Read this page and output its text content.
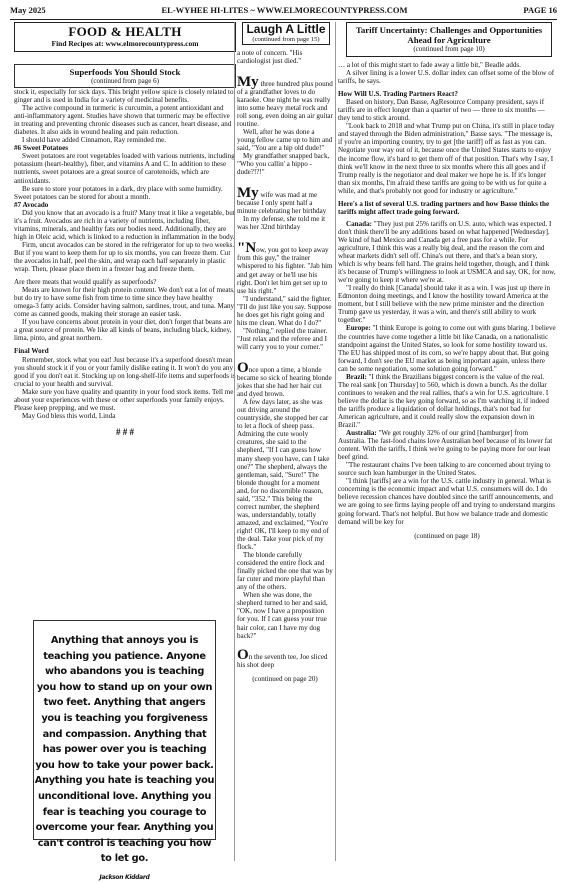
May 2025	EL-WYHEE HI-LITES ~ WWW.ELMORECOUNTYPRESS.COM	PAGE 16
FOOD & HEALTH
Find Recipes at: www.elmorecountypress.com
Superfoods You Should Stock
(continued from page 6)

stock it, especially for sick days. This bright yellow spice is closely related to ginger and is used in India for a variety of medicinal benefits.

The active compound in turmeric is curcumin, a potent antioxidant and anti-inflammatory agent. Studies have shown that turmeric may be effective in treating and preventing chronic diseases such as cancer, heart disease, and diabetes. It also aids in wound healing and pain reduction.

I should have added Cinnamon, Ray reminded me.

#6 Sweet Potatoes

Sweet potatoes are root vegetables loaded with various nutrients, including potassium (heart-healthy), fiber, and vitamins A and C. In addition to these nutrients, sweet potatoes are a great source of carotenoids, which are antioxidants.

Be sure to store your potatoes in a dark, dry place with some humidity. Sweet potatoes can be stored for about a month.

#7 Avocado

Did you know that an avocado is a fruit? Many treat it like a vegetable, but it's a fruit. Avocados are rich in a variety of nutrients, including fiber, vitamins, minerals, and healthy fats our bodies need. Additionally, they are high in Oleic acid, which is linked to a reduction in inflammation in the body.

Firm, uncut avocados can be stored in the refrigerator for up to two weeks. But if you want to keep them for up to six months, you can freeze them. Cut the avocados in half, peel the skin, and wrap each half separately in plastic wrap. Then, please place them in a freezer bag and freeze them.

Are there meats that would qualify as superfoods?

Meats are known for their high protein content. We don't eat a lot of meats, but do try to have some fish from time to time since they have healthy omega-3 fatty acids. Consider having salmon, sardines, trout, and tuna. Many come as canned goods, making their storage an easier task.

If you have concerns about protein in your diet, don't forget that beans are a great source of protein. We like all kinds of beans, including black, kidney, lima, pinto, and great northern.

Final Word

Remember, stock what you eat! Just because it's a superfood doesn't mean you should stock it if you or your family dislike eating it. It won't do you any good if you don't eat it. Stocking up on long-shelf-life items and superfoods is crucial to your health and survival.

Make sure you have quality and quantity in your food stock items. Tell me about your experiences with these or other superfoods your family enjoys. Please keep prepping, and we must.

May God bless this world, Linda

# # #

Anything that annoys you is teaching you patience. Anyone who abandons you is teaching you how to stand up on your own two feet. Anything that angers you is teaching you forgiveness and compassion. Anything that has power over you is teaching you how to take your power back. Anything you hate is teaching you unconditional love. Anything you fear is teaching you courage to overcome your fear. Anything you can't control is teaching you how to let go.
Jackson Kiddard
Laugh A Little
(continued from page 15)

a note of concern. "His cardiologist just died."

My three hundred plus pound of a grandfather loves to do karaoke. One night he was really into some heavy metal rock and roll song, even doing an air guitar routine.

Well, after he was done a young fellow came up to him and said, "You are a hip old dude!"

My grandfather snapped back, "Who you callin' a hippo - dude?!?!"

My wife was mad at me because I only spent half a minute celebrating her birthday

In my defense, she told me it was her 32nd birthday

"Now, you got to keep away from this guy," the trainer whispered to his fighter. "Jab him and get away or he'll use his right. Don't let him get set up to use his right."

"I understand," said the fighter. "I'll do just like you say. Suppose he does get his right going and hits me clean. What do I do?"

"Nothing," replied the trainer. "Just relax and the referee and I will carry you to your corner."

Once upon a time, a blonde became so sick of hearing blonde jokes that she had her hair cut and dyed brown.

A few days later, as she was out driving around the countryside, she stopped her car to let a flock of sheep pass. Admiring the cute wooly creatures, she said to the shepherd, "If I can guess how many sheep you have, can I take one?" The shepherd, always the gentleman, said, "Sure!" The blonde thought for a moment and, for no discernible reason, said, "352." This being the correct number, the shepherd was, understandably, totally amazed, and exclaimed, "You're right! OK, I'll keep to my end of the deal. Take your pick of my flock."

The blonde carefully considered the entire flock and finally picked the one that was by far cuter and more playful than any of the others.

When she was done, the shepherd turned to her and said, "OK, now I have a proposition for you. If I can guess your true hair color, can I have my dog back?"

On the seventh tee, Joe sliced his shot deep

(continued on page 20)

Tariff Uncertainty: Challenges and Opportunities Ahead for Agriculture
(continued from page 10)

… a lot of this might start to fade away a little bit," Beadle adds.

A silver lining is a lower U.S. dollar index can offset some of the blow of tariffs, he says.

How Will U.S. Trading Partners React?

Based on history, Dan Basse, AgResource Company president, says if tariffs are in effect longer than a quarter of two — three to six months — they tend to stick around.

"Look back to 2018 and what Trump put on China, it's still in place today and stayed through the Biden administration," Basse says. "The message is, if you're an importing country, try to get [the tariff] off as fast as you can. Negotiate your way out of it, because once the United States starts to enjoy the income flow, it's hard to get them off of that position. That's why I say, I think we'll know in the next three to six months where this all goes and if Trump really is the negotiator and deal maker we hope he is. If it's longer than six months, I'm afraid these tariffs are going to be with us for quite a while, and that's probably not good for industry or agriculture."

Here's a list of several U.S. trading partners and how Basse thinks the tariffs might affect trade going forward.

Canada: "They just put 25% tariffs on U.S. auto, which was expected. I don't think there'll be any additions based on what happened [Wednesday]. We kind of had Mexico and Canada get a free pass for a while. For agriculture, I think this was a really big deal, and the reason the corn and wheat markets didn't sell off. China's out there, and that's a bean story, which is why beans fell hard. The grains held together, though, and I think it's because of Trump's willingness to look at USMCA and say, OK, for now, we're going to keep it where we're at.

"I really do think [Canada] should take it as a win. I was just up there in Edmonton doing meetings, and I know the hostility toward America at the moment, but I still believe with the new prime minister and the direction Trump gave us yesterday, it was a win, and there's still ability to work together."

Europe: "I think Europe is going to come out with guns blaring. I believe the countries have come together a little bit like Canada, on a nationalistic standpoint against the United States, so look for some hostility toward us. The EU has shipped most of its corn, so we're happy about that. But going forward, I don't see the EU market as being important again, unless there can be some negotiation, some solution going forward."

Brazil: "I think the Brazilians biggest concern is the value of the real. The real sank [on Thursday] to 560, which is down a bunch. As the dollar continues to weaken and the real rallies, that's a win for U.S. agriculture. I believe the dollar is the key going forward, so as I'm watching it, if indeed the tariffs produce a liquidation of dollar holdings, that's not bad for American agriculture, and it could really slow the expansion down in Brazil."

Australia: "We get roughly 32% of our grind [hamburger] from Australia. The fast-food chains love Australian beef because of its lower fat content. With the tariffs, I think we're going to be paying more for our lean beef grind.

"The restaurant chains I've been talking to are concerned about trying to source such lean hamburger in the United States.

"I think [tariffs] are a win for the U.S. cattle industry in general. What is concerning is the economic impact and what U.S. consumers will do. I do believe recession chances have doubled since the tariff announcements, and we are going to see firms laying people off and trying to understand margins going forward. That's not helpful. But how we balance trade and domestic demand will be key for

(continued on page 18)
